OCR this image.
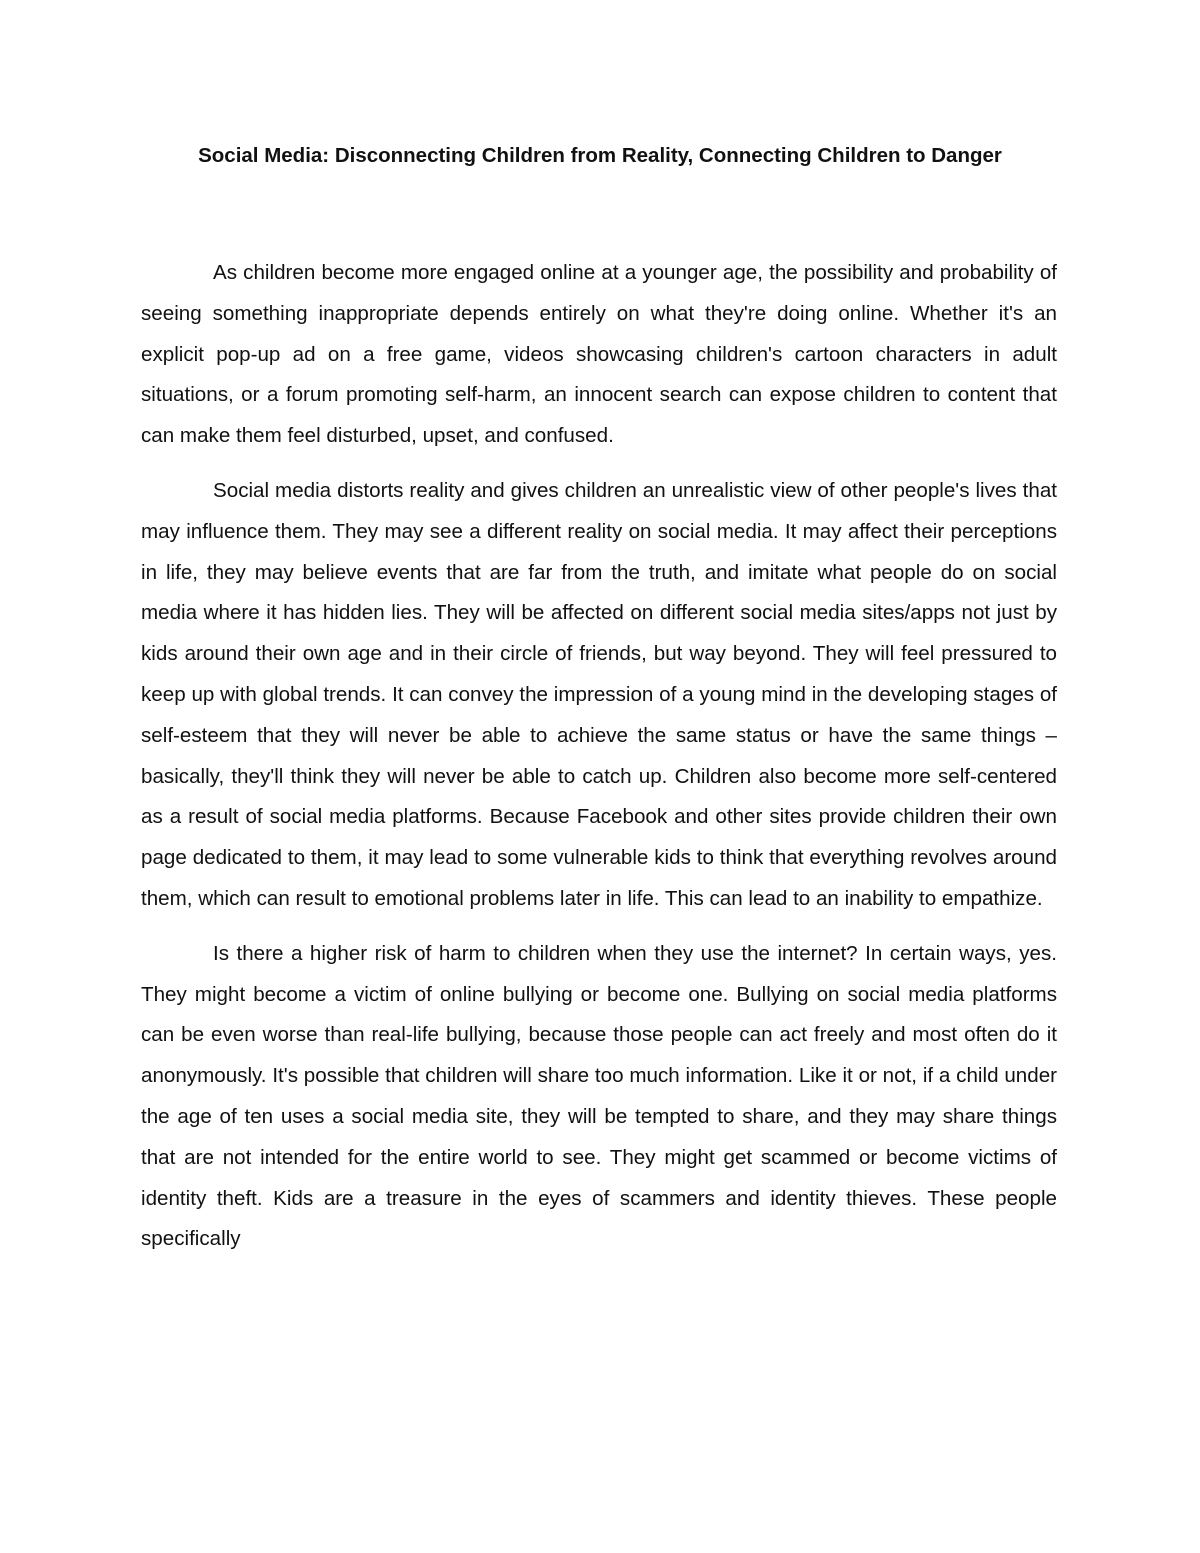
Social Media: Disconnecting Children from Reality, Connecting Children to Danger

As children become more engaged online at a younger age, the possibility and probability of seeing something inappropriate depends entirely on what they're doing online. Whether it's an explicit pop-up ad on a free game, videos showcasing children's cartoon characters in adult situations, or a forum promoting self-harm, an innocent search can expose children to content that can make them feel disturbed, upset, and confused.

Social media distorts reality and gives children an unrealistic view of other people's lives that may influence them. They may see a different reality on social media. It may affect their perceptions in life, they may believe events that are far from the truth, and imitate what people do on social media where it has hidden lies. They will be affected on different social media sites/apps not just by kids around their own age and in their circle of friends, but way beyond. They will feel pressured to keep up with global trends. It can convey the impression of a young mind in the developing stages of self-esteem that they will never be able to achieve the same status or have the same things – basically, they'll think they will never be able to catch up. Children also become more self-centered as a result of social media platforms. Because Facebook and other sites provide children their own page dedicated to them, it may lead to some vulnerable kids to think that everything revolves around them, which can result to emotional problems later in life. This can lead to an inability to empathize.

Is there a higher risk of harm to children when they use the internet? In certain ways, yes. They might become a victim of online bullying or become one. Bullying on social media platforms can be even worse than real-life bullying, because those people can act freely and most often do it anonymously. It's possible that children will share too much information. Like it or not, if a child under the age of ten uses a social media site, they will be tempted to share, and they may share things that are not intended for the entire world to see. They might get scammed or become victims of identity theft. Kids are a treasure in the eyes of scammers and identity thieves. These people specifically
